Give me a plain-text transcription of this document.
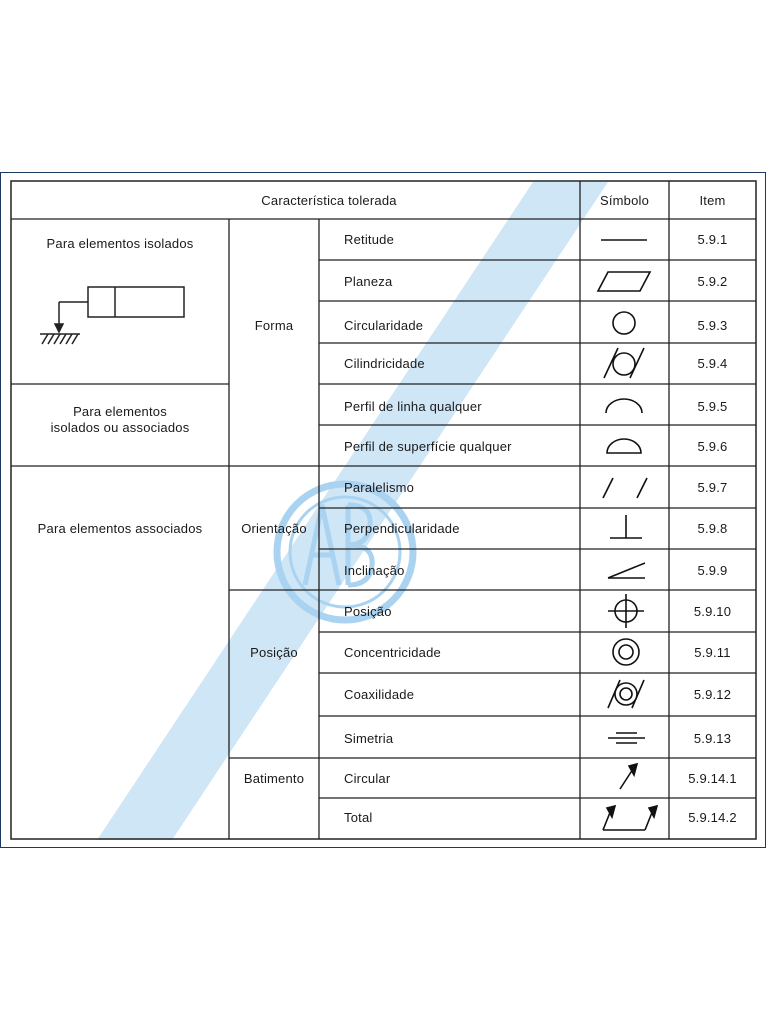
Característica tolerada	Símbolo	Item
Para elementos isolados
Para elementos
isolados ou associados
Para elementos associados
Forma
Orientação
Posição
Batimento
Retitude
Planeza
Circularidade
Cilindricidade
Perfil de linha qualquer
Perfil de superfície qualquer
Paralelismo
Perpendicularidade
Inclinação
Posição
Concentricidade
Coaxilidade
Simetria
Circular
Total
5.9.1
5.9.2
5.9.3
5.9.4
5.9.5
5.9.6
5.9.7
5.9.8
5.9.9
5.9.10
5.9.11
5.9.12
5.9.13
5.9.14.1
5.9.14.2
